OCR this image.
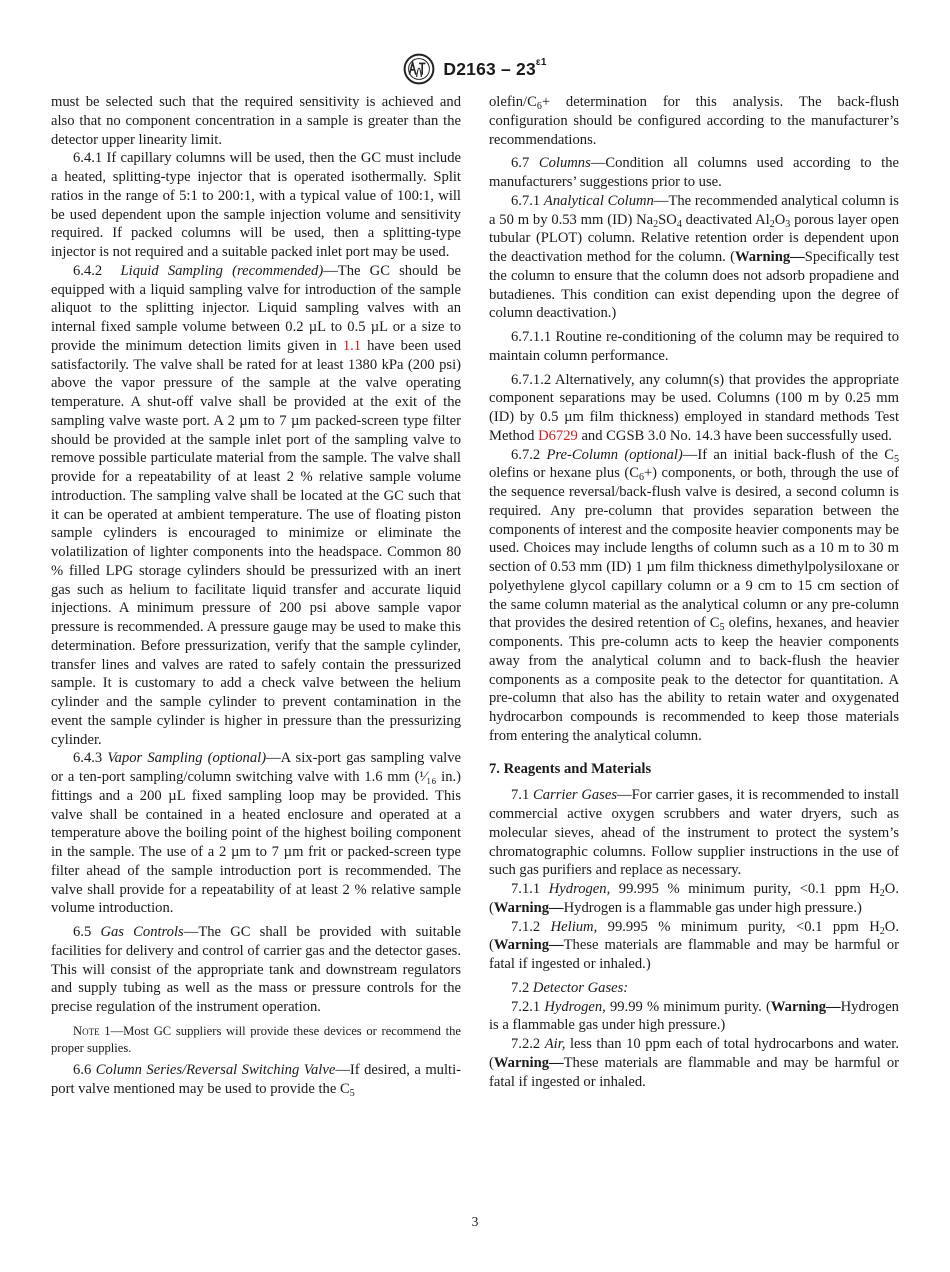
$D2163 - 23^{\varepsilon 1}$

must be selected such that the required sensitivity is achieved and also that no component concentration in a sample is greater than the detector upper linearity limit.

6.4.1 If capillary columns will be used, then the GC must include a heated, splitting-type injector that is operated isothermally. Split ratios in the range of 5:1 to 200:1, with a typical value of 100:1, will be used dependent upon the sample injection volume and sensitivity required. If packed columns will be used, then a splitting-type injector is not required and a suitable packed inlet port may be used.

6.4.2 Liquid Sampling (recommended)—The GC should be equipped with a liquid sampling valve for introduction of the sample aliquot to the splitting injector. Liquid sampling valves with an internal fixed sample volume between 0.2 µL to 0.5 µL or a size to provide the minimum detection limits given in 1.1 have been used satisfactorily. The valve shall be rated for at least 1380 kPa (200 psi) above the vapor pressure of the sample at the valve operating temperature. A shut-off valve shall be provided at the exit of the sampling valve waste port. A 2 µm to 7 µm packed-screen type filter should be provided at the sample inlet port of the sampling valve to remove possible particulate material from the sample. The valve shall provide for a repeatability of at least 2 % relative sample volume introduction. The sampling valve shall be located at the GC such that it can be operated at ambient temperature. The use of floating piston sample cylinders is encouraged to minimize or eliminate the volatilization of lighter components into the headspace. Common 80 % filled LPG storage cylinders should be pressurized with an inert gas such as helium to facilitate liquid transfer and accurate liquid injections. A minimum pressure of 200 psi above sample vapor pressure is recommended. A pressure gauge may be used to make this determination. Before pressurization, verify that the sample cylinder, transfer lines and valves are rated to safely contain the pressurized sample. It is customary to add a check valve between the helium cylinder and the sample cylinder to prevent contamination in the event the sample cylinder is higher in pressure than the pressurizing cylinder.

6.4.3 Vapor Sampling (optional)—A six-port gas sampling valve or a ten-port sampling/column switching valve with 1.6 mm (¹⁄₁₆ in.) fittings and a 200 µL fixed sampling loop may be provided. This valve shall be contained in a heated enclosure and operated at a temperature above the boiling point of the highest boiling component in the sample. The use of a 2 µm to 7 µm frit or packed-screen type filter ahead of the sample introduction port is recommended. The valve shall provide for a repeatability of at least 2 % relative sample volume introduction.

6.5 Gas Controls—The GC shall be provided with suitable facilities for delivery and control of carrier gas and the detector gases. This will consist of the appropriate tank and downstream regulators and supply tubing as well as the mass or pressure controls for the precise regulation of the instrument operation.

Note 1—Most GC suppliers will provide these devices or recommend the proper supplies.

6.6 Column Series/Reversal Switching Valve—If desired, a multi-port valve mentioned may be used to provide the $C_5$

olefin/$C_6+$ determination for this analysis. The back-flush configuration should be configured according to the manufacturer’s recommendations.

6.7 Columns—Condition all columns used according to the manufacturers’ suggestions prior to use.

6.7.1 Analytical Column—The recommended analytical column is a 50 m by 0.53 mm (ID) $Na_2SO_4$ deactivated $Al_2O_3$ porous layer open tubular (PLOT) column. Relative retention order is dependent upon the deactivation method for the column. (Warning—Specifically test the column to ensure that the column does not adsorb propadiene and butadienes. This condition can exist depending upon the degree of column deactivation.)

6.7.1.1 Routine re-conditioning of the column may be required to maintain column performance.

6.7.1.2 Alternatively, any column(s) that provides the appropriate component separations may be used. Columns (100 m by 0.25 mm (ID) by 0.5 µm film thickness) employed in standard methods Test Method D6729 and CGSB 3.0 No. 14.3 have been successfully used.

6.7.2 Pre-Column (optional)—If an initial back-flush of the $C_5$ olefins or hexane plus $(C_6+)$ components, or both, through the use of the sequence reversal/back-flush valve is desired, a second column is required. Any pre-column that provides separation between the components of interest and the composite heavier components may be used. Choices may include lengths of column such as a 10 m to 30 m section of 0.53 mm (ID) 1 µm film thickness dimethylpolysiloxane or polyethylene glycol capillary column or a 9 cm to 15 cm section of the same column material as the analytical column or any pre-column that provides the desired retention of $C_5$ olefins, hexanes, and heavier components. This pre-column acts to keep the heavier components away from the analytical column and to back-flush the heavier components as a composite peak to the detector for quantitation. A pre-column that also has the ability to retain water and oxygenated hydrocarbon compounds is recommended to keep those materials from entering the analytical column.

7. Reagents and Materials

7.1 Carrier Gases—For carrier gases, it is recommended to install commercial active oxygen scrubbers and water dryers, such as molecular sieves, ahead of the instrument to protect the system’s chromatographic columns. Follow supplier instructions in the use of such gas purifiers and replace as necessary.

7.1.1 Hydrogen, 99.995 % minimum purity, <0.1 ppm $H_2O$. (Warning—Hydrogen is a flammable gas under high pressure.)

7.1.2 Helium, 99.995 % minimum purity, <0.1 ppm $H_2O$. (Warning—These materials are flammable and may be harmful or fatal if ingested or inhaled.)

7.2 Detector Gases:

7.2.1 Hydrogen, 99.99 % minimum purity. (Warning—Hydrogen is a flammable gas under high pressure.)

7.2.2 Air, less than 10 ppm each of total hydrocarbons and water. (Warning—These materials are flammable and may be harmful or fatal if ingested or inhaled.

3
